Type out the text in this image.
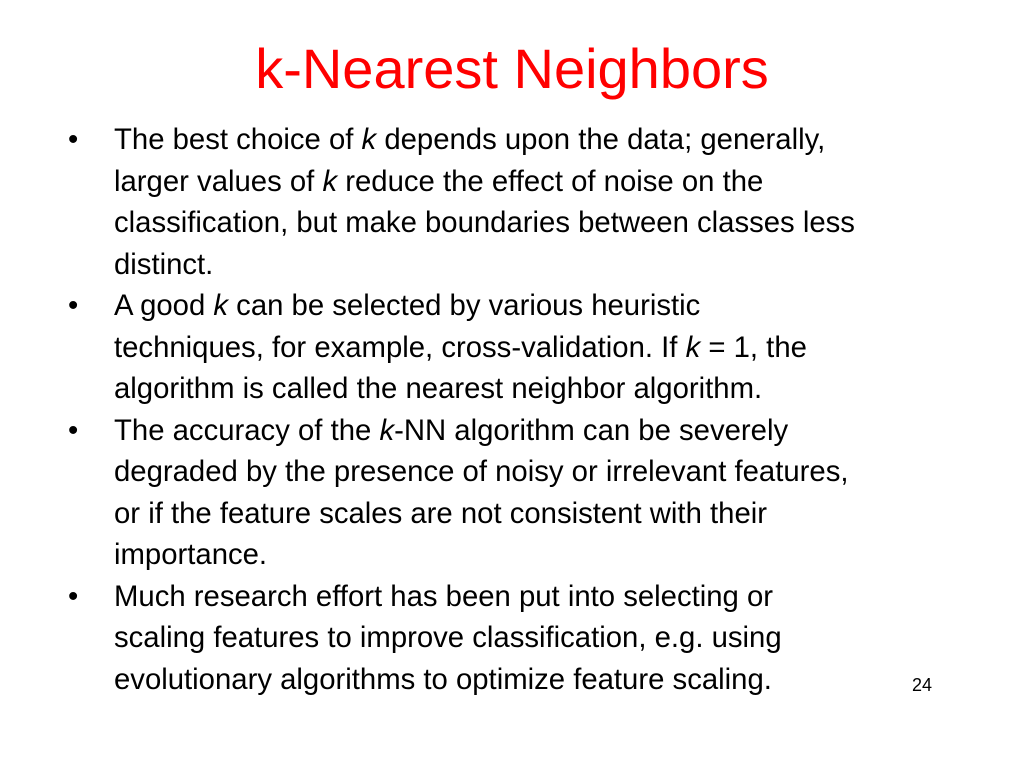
k-Nearest Neighbors
•	The best choice of k depends upon the data; generally,
larger values of k reduce the effect of noise on the
classification, but make boundaries between classes less
distinct.
•	A good k can be selected by various heuristic
techniques, for example, cross-validation. If k = 1, the
algorithm is called the nearest neighbor algorithm.
•	The accuracy of the k-NN algorithm can be severely
degraded by the presence of noisy or irrelevant features,
or if the feature scales are not consistent with their
importance.
•	Much research effort has been put into selecting or
scaling features to improve classification, e.g. using
evolutionary algorithms to optimize feature scaling.	24
